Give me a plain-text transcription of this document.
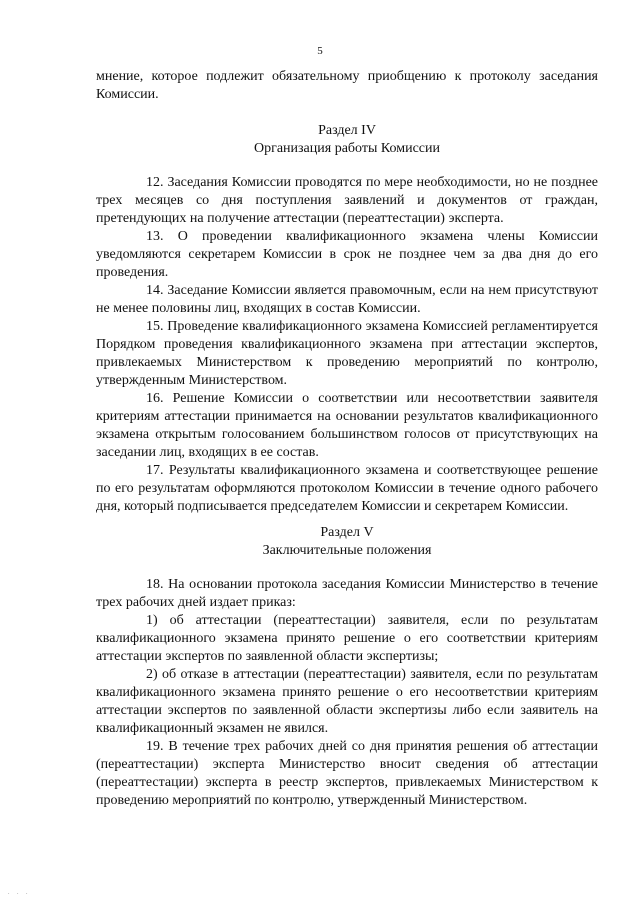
5

мнение, которое подлежит обязательному приобщению к протоколу заседания Комиссии.

Раздел IV

Организация работы Комиссии

12. Заседания Комиссии проводятся по мере необходимости, но не позднее трех месяцев со дня поступления заявлений и документов от граждан, претендующих на получение аттестации (переаттестации) эксперта.

13. О проведении квалификационного экзамена члены Комиссии уведомляются секретарем Комиссии в срок не позднее чем за два дня до его проведения.

14. Заседание Комиссии является правомочным, если на нем присутствуют не менее половины лиц, входящих в состав Комиссии.

15. Проведение квалификационного экзамена Комиссией регламентируется Порядком проведения квалификационного экзамена при аттестации экспертов, привлекаемых Министерством к проведению мероприятий по контролю, утвержденным Министерством.

16. Решение Комиссии о соответствии или несоответствии заявителя критериям аттестации принимается на основании результатов квалификационного экзамена открытым голосованием большинством голосов от присутствующих на заседании лиц, входящих в ее состав.

17. Результаты квалификационного экзамена и соответствующее решение по его результатам оформляются протоколом Комиссии в течение одного рабочего дня, который подписывается председателем Комиссии и секретарем Комиссии.

Раздел V

Заключительные положения

18. На основании протокола заседания Комиссии Министерство в течение трех рабочих дней издает приказ:

1) об аттестации (переаттестации) заявителя, если по результатам квалификационного экзамена принято решение о его соответствии критериям аттестации экспертов по заявленной области экспертизы;

2) об отказе в аттестации (переаттестации) заявителя, если по результатам квалификационного экзамена принято решение о его несоответствии критериям аттестации экспертов по заявленной области экспертизы либо если заявитель на квалификационный экзамен не явился.

19. В течение трех рабочих дней со дня принятия решения об аттестации (переаттестации) эксперта Министерство вносит сведения об аттестации (переаттестации) эксперта в реестр экспертов, привлекаемых Министерством к проведению мероприятий по контролю, утвержденный Министерством.

. . .
